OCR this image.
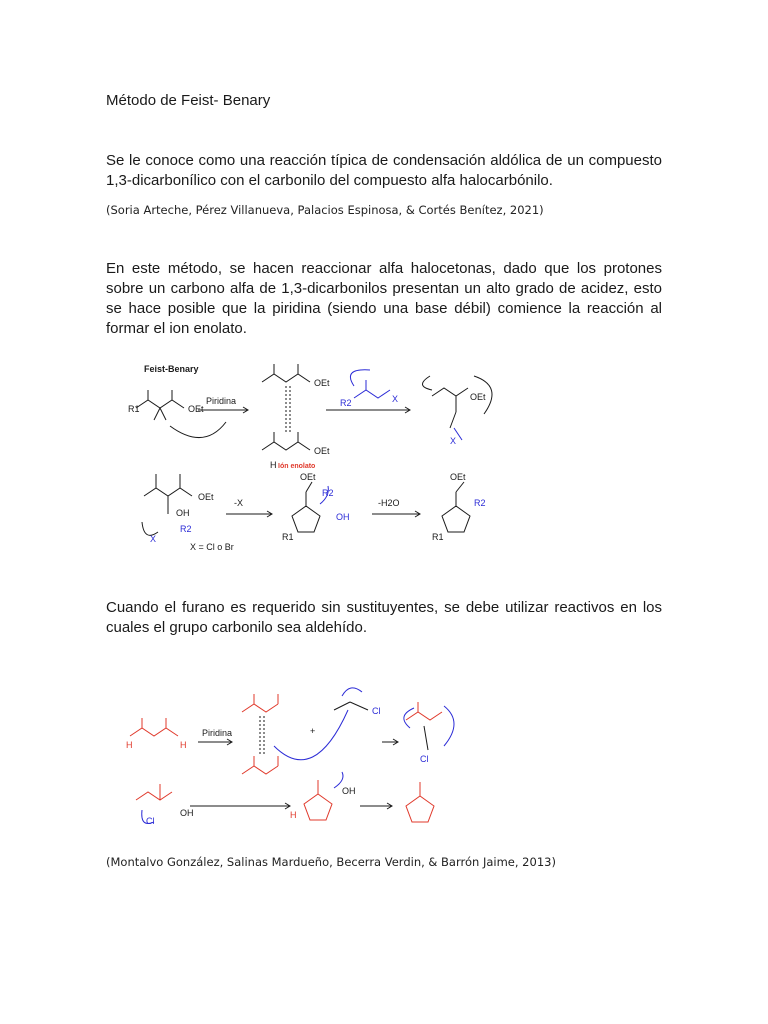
Método de Feist- Benary
Se le conoce como una reacción típica de condensación aldólica de un compuesto 1,3-dicarbonílico con el carbonilo del compuesto alfa halocarbónilo.
(Soria Arteche, Pérez Villanueva, Palacios Espinosa, & Cortés Benítez, 2021)
En este método, se hacen reaccionar alfa halocetonas, dado que los protones sobre un carbono alfa de 1,3-dicarbonilos presentan un alto grado de acidez, esto se hace posible que la piridina (siendo una base débil) comience la reacción al formar el ion enolato.
Feist-Benary
Piridina
OEt
R1
OEt
OEt
Ión enolato
H
OEt
OEt
OH
-X
X = Cl o Br
OEt
-H2O
OEt
R1	R1
R2	X
R2
X
OH
R2
R2
X
Cuando el furano es requerido sin sustituyentes, se debe utilizar reactivos en los cuales el grupo carbonilo sea aldehído.
Piridina	+
Cl
Cl
Cl
OH
OH
H	H
H
(Montalvo González, Salinas Mardueño, Becerra Verdin, & Barrón Jaime, 2013)
